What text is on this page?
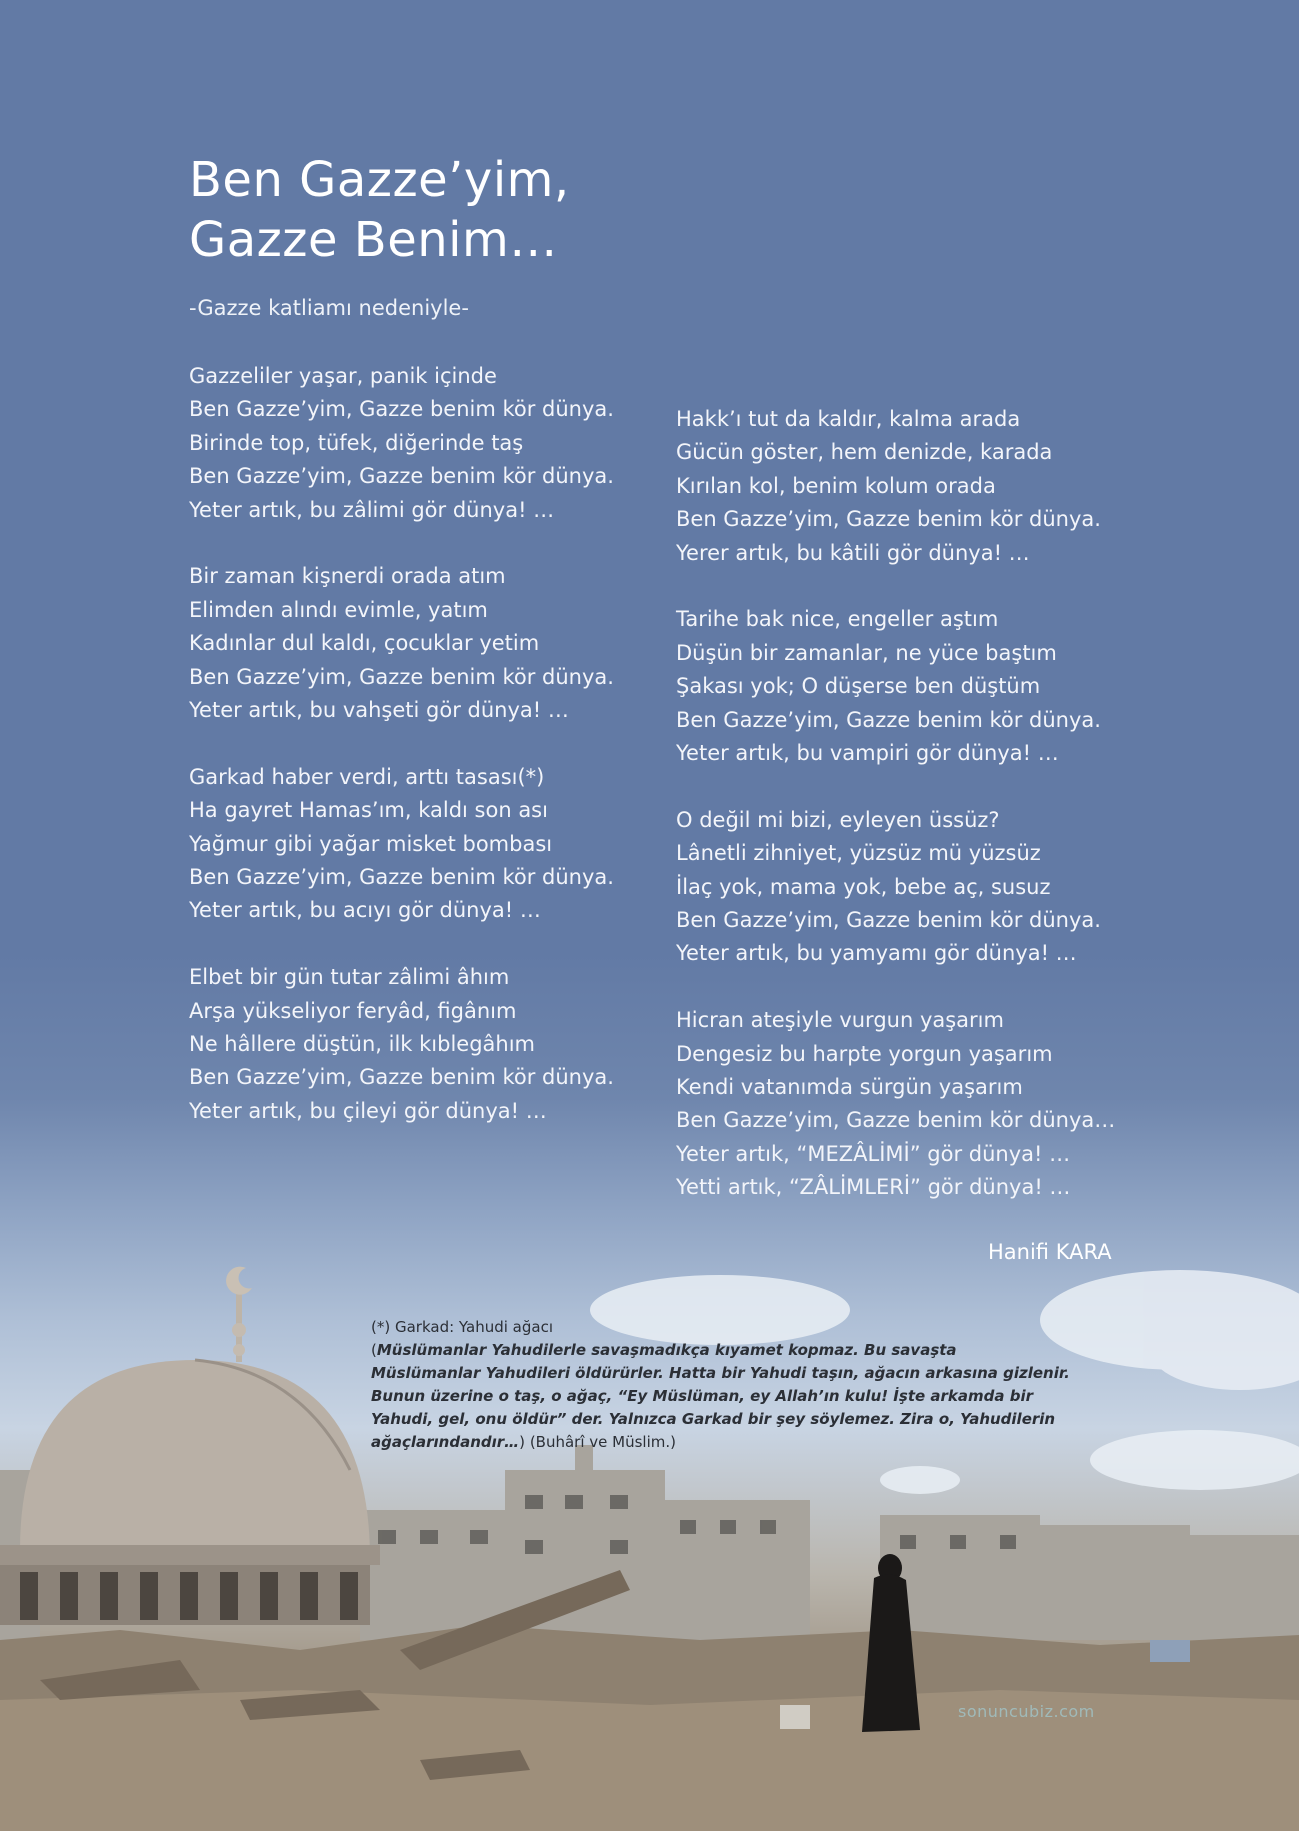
Ben Gazze’yim,
Gazze Benim…
-Gazze katliamı nedeniyle-
Gazzeliler yaşar, panik içinde
Ben Gazze’yim, Gazze benim kör dünya.
Birinde top, tüfek, diğerinde taş
Ben Gazze’yim, Gazze benim kör dünya.
Yeter artık, bu zâlimi gör dünya! …
Bir zaman kişnerdi orada atım
Elimden alındı evimle, yatım
Kadınlar dul kaldı, çocuklar yetim
Ben Gazze’yim, Gazze benim kör dünya.
Yeter artık, bu vahşeti gör dünya! …
Garkad haber verdi, arttı tasası(*)
Ha gayret Hamas’ım, kaldı son ası
Yağmur gibi yağar misket bombası
Ben Gazze’yim, Gazze benim kör dünya.
Yeter artık, bu acıyı gör dünya! …
Elbet bir gün tutar zâlimi âhım
Arşa yükseliyor feryâd, figânım
Ne hâllere düştün, ilk kıblegâhım
Ben Gazze’yim, Gazze benim kör dünya.
Yeter artık, bu çileyi gör dünya! …
Hakk’ı tut da kaldır, kalma arada
Gücün göster, hem denizde, karada
Kırılan kol, benim kolum orada
Ben Gazze’yim, Gazze benim kör dünya.
Yerer artık, bu kâtili gör dünya! …
Tarihe bak nice, engeller aştım
Düşün bir zamanlar, ne yüce baştım
Şakası yok; O düşerse ben düştüm
Ben Gazze’yim, Gazze benim kör dünya.
Yeter artık, bu vampiri gör dünya! …
O değil mi bizi, eyleyen üssüz?
Lânetli zihniyet, yüzsüz mü yüzsüz
İlaç yok, mama yok, bebe aç, susuz
Ben Gazze’yim, Gazze benim kör dünya.
Yeter artık, bu yamyamı gör dünya! …
Hicran ateşiyle vurgun yaşarım
Dengesiz bu harpte yorgun yaşarım
Kendi vatanımda sürgün yaşarım
Ben Gazze’yim, Gazze benim kör dünya…
Yeter artık, “MEZÂLİMİ” gör dünya! …
Yetti artık, “ZÂLİMLERİ” gör dünya! …
Hanifi KARA
(*) Garkad: Yahudi ağacı
(Müslümanlar Yahudilerle savaşmadıkça kıyamet kopmaz. Bu savaşta Müslümanlar Yahudileri öldürürler. Hatta bir Yahudi taşın, ağacın arkasına gizlenir. Bunun üzerine o taş, o ağaç, “Ey Müslüman, ey Allah’ın kulu! İşte arkamda bir Yahudi, gel, onu öldür” der. Yalnızca Garkad bir şey söylemez. Zira o, Yahudilerin ağaçlarındandır…) (Buhârî ve Müslim.)
sonuncubiz.com
